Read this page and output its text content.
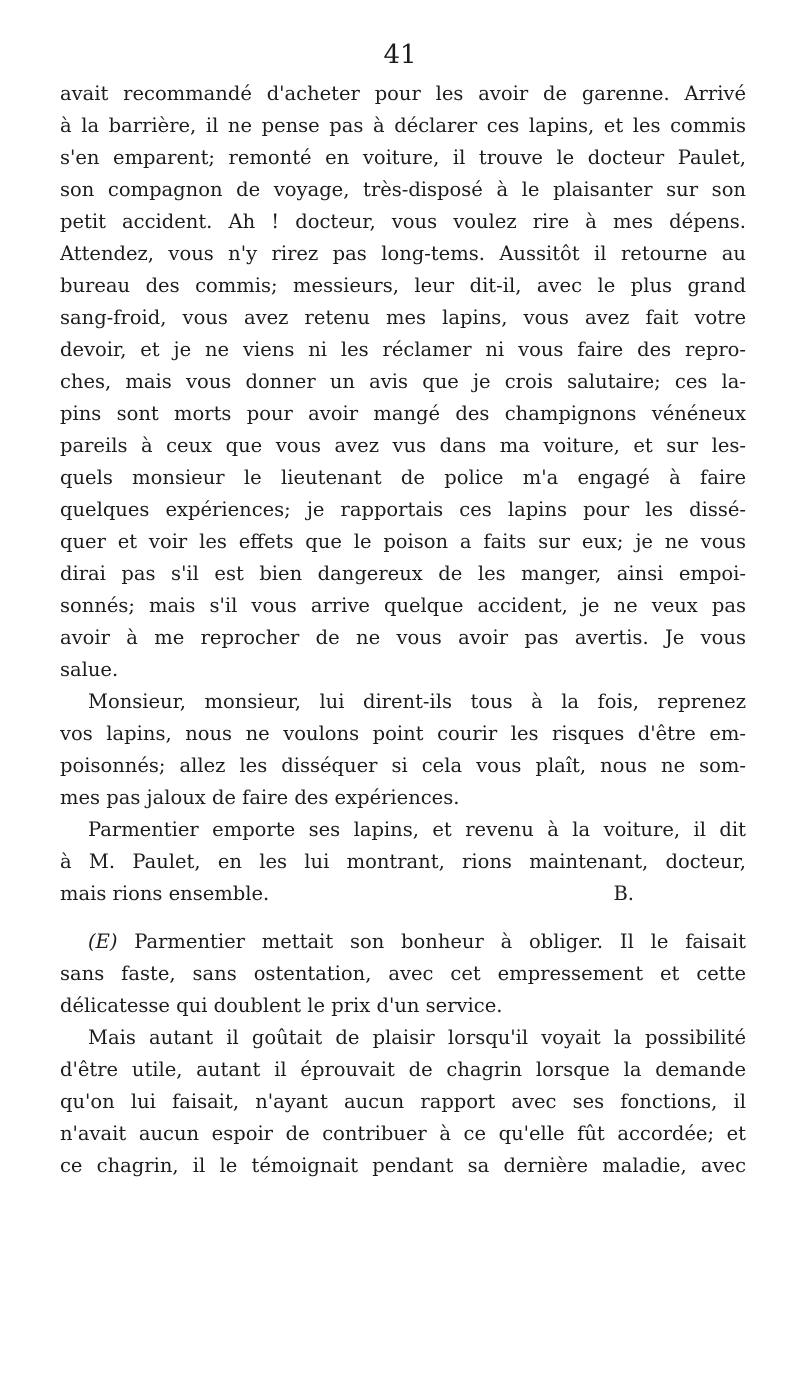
41
avait recommandé d'acheter pour les avoir de garenne. Arrivé
à la barrière, il ne pense pas à déclarer ces lapins, et les commis
s'en emparent; remonté en voiture, il trouve le docteur Paulet,
son compagnon de voyage, très-disposé à le plaisanter sur son
petit accident. Ah ! docteur, vous voulez rire à mes dépens.
Attendez, vous n'y rirez pas long-tems. Aussitôt il retourne au
bureau des commis; messieurs, leur dit-il, avec le plus grand
sang-froid, vous avez retenu mes lapins, vous avez fait votre
devoir, et je ne viens ni les réclamer ni vous faire des repro-
ches, mais vous donner un avis que je crois salutaire; ces la-
pins sont morts pour avoir mangé des champignons vénéneux
pareils à ceux que vous avez vus dans ma voiture, et sur les-
quels monsieur le lieutenant de police m'a engagé à faire
quelques expériences; je rapportais ces lapins pour les dissé-
quer et voir les effets que le poison a faits sur eux; je ne vous
dirai pas s'il est bien dangereux de les manger, ainsi empoi-
sonnés; mais s'il vous arrive quelque accident, je ne veux pas
avoir à me reprocher de ne vous avoir pas avertis. Je vous
salue.
Monsieur, monsieur, lui dirent-ils tous à la fois, reprenez
vos lapins, nous ne voulons point courir les risques d'être em-
poisonnés; allez les disséquer si cela vous plaît, nous ne som-
mes pas jaloux de faire des expériences.
Parmentier emporte ses lapins, et revenu à la voiture, il dit
à M. Paulet, en les lui montrant, rions maintenant, docteur,
mais rions ensemble.	B.
(E) Parmentier mettait son bonheur à obliger. Il le faisait
sans faste, sans ostentation, avec cet empressement et cette
délicatesse qui doublent le prix d'un service.
Mais autant il goûtait de plaisir lorsqu'il voyait la possibilité
d'être utile, autant il éprouvait de chagrin lorsque la demande
qu'on lui faisait, n'ayant aucun rapport avec ses fonctions, il
n'avait aucun espoir de contribuer à ce qu'elle fût accordée; et
ce chagrin, il le témoignait pendant sa dernière maladie, avec
